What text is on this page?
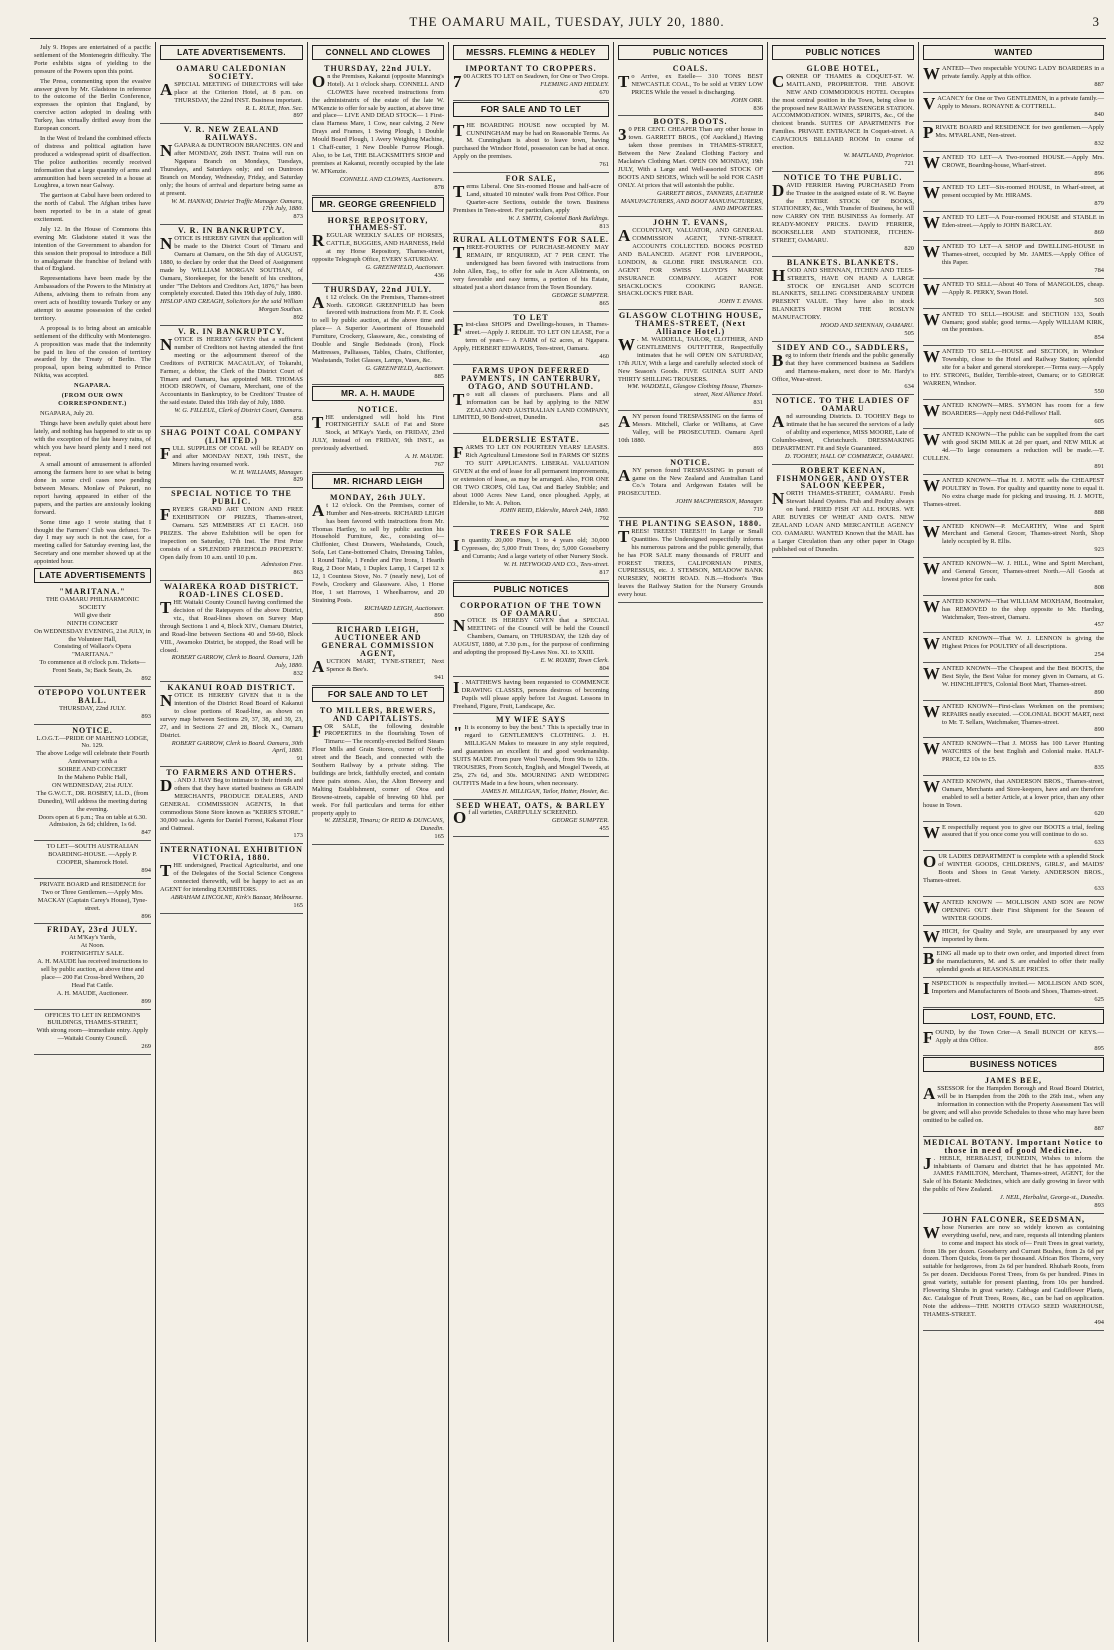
THE OAMARU MAIL, TUESDAY, JULY 20, 1880.	3

July 9. Hopes are entertained of a pacific settlement of the Montenegrin difficulty. The Porte exhibits signs of yielding to the pressure of the Powers upon this point.

The Press, commenting upon the evasive answer given by Mr. Gladstone in reference to the outcome of the Berlin Conference, expresses the opinion that England, by coercive action adopted in dealing with Turkey, has virtually drifted away from the European concert.

In the West of Ireland the combined effects of distress and political agitation have produced a widespread spirit of disaffection. The police authorities recently received information that a large quantity of arms and ammunition had been secreted in a house at Loughrea, a town near Galway.

The garrison at Cabul have been ordered to the north of Cabul. The Afghan tribes have been reported to be in a state of great excitement.

July 12. In the House of Commons this evening Mr. Gladstone stated it was the intention of the Government to abandon for this session their proposal to introduce a Bill to amalgamate the franchise of Ireland with that of England.

Representations have been made by the Ambassadors of the Powers to the Ministry at Athens, advising them to refrain from any overt acts of hostility towards Turkey or any attempt to assume possession of the ceded territory.

A proposal is to bring about an amicable settlement of the difficulty with Montenegro. A proposition was made that the indemnity be paid in lieu of the cession of territory awarded by the Treaty of Berlin. The proposal, upon being submitted to Prince Nikita, was accepted.

NGAPARA.

(FROM OUR OWN CORRESPONDENT.)

NGAPARA, July 20.

Things have been awfully quiet about here lately, and nothing has happened to stir us up with the exception of the late heavy rains, of which you have heard plenty and I need not repeat.

A small amount of amusement is afforded among the farmers here to see what is being done in some civil cases now pending between Messrs. Monlaw of Pukeuri, no report having appeared in either of the papers, and the parties are anxiously looking forward.

Some time ago I wrote stating that I thought the Farmers' Club was defunct. To-day I may say such is not the case, for a meeting called for Saturday evening last, the Secretary and one member showed up at the appointed hour.

LATE ADVERTISEMENTS

"MARITANA."

THE OAMARU PHILHARMONIC SOCIETY

Will give their

NINTH CONCERT

On WEDNESDAY EVENING, 21st JULY, in the Volunteer Hall,

Consisting of Wallace's Opera "MARITANA."

To commence at 8 o'clock p.m. Tickets—Front Seats, 3s; Back Seats, 2s.

892

OTEPOPO VOLUNTEER BALL.

THURSDAY, 22nd JULY.

893

NOTICE.

L.O.G.T.—PRIDE OF MAHENO LODGE, No. 129.

The above Lodge will celebrate their Fourth Anniversary with a

SOIREE AND CONCERT

In the Maheno Public Hall,

ON WEDNESDAY, 21st JULY.

The G.W.C.T., DR. ROSBEY, LL.D., (from Dunedin), Will address the meeting during the evening.

Doors open at 6 p.m.; Tea on table at 6.30. Admission, 2s 6d; children, 1s 6d.

847

TO LET—SOUTH AUSTRALIAN BOARDING-HOUSE. —Apply P. COOPER, Shamrock Hotel.

894

PRIVATE BOARD and RESIDENCE for Two or Three Gentlemen.—Apply Mrs. MACKAY (Captain Carey's House), Tyne-street.

896

FRIDAY, 23rd JULY.

At M'Kay's Yards,

At Noon.

FORTNIGHTLY SALE.

A. H. MAUDE has received instructions to sell by public auction, at above time and place— 200 Fat Cross-bred Wethers, 20 Head Fat Cattle.

A. H. MAUDE, Auctioneer.

899

OFFICES TO LET IN REDMOND'S BUILDINGS, THAMES-STREET,

With strong room—immediate entry. Apply—Waitaki County Council.

269

LATE ADVERTISEMENTS.

OAMARU CALEDONIAN SOCIETY.

A SPECIAL MEETING of DIRECTORS will take place at the Criterion Hotel, at 8 p.m. on THURSDAY, the 22nd INST. Business important.

R. L. RULE, Hon. Sec.

897

V. R. NEW ZEALAND RAILWAYS.

NGAPARA & DUNTROON BRANCHES. ON and after MONDAY, 26th INST. Trains will run on Ngapara Branch on Mondays, Tuesdays, Thursdays, and Saturdays only; and on Duntroon Branch on Monday, Wednesday, Friday, and Saturday only; the hours of arrival and departure being same as at present.

W. M. HANNAY, District Traffic Manager. Oamaru, 17th July, 1880.

873

V. R. IN BANKRUPTCY.

NOTICE IS HEREBY GIVEN that application will be made to the District Court of Timaru and Oamaru at Oamaru, on the 5th day of AUGUST, 1880, to declare by order that the Deed of Assignment made by WILLIAM MORGAN SOUTHAN, of Oamaru, Storekeeper, for the benefit of his creditors, under "The Debtors and Creditors Act, 1876," has been completely executed. Dated this 19th day of July, 1880.

HISLOP AND CREAGH, Solicitors for the said William Morgan Southan.

892

V. R. IN BANKRUPTCY.

NOTICE IS HEREBY GIVEN that a sufficient number of Creditors not having attended the first meeting or the adjournment thereof of the Creditors of PATRICK MACAULAY, of Tokarahi, Farmer, a debtor, the Clerk of the District Court of Timaru and Oamaru, has appointed MR. THOMAS HOOD BROWN, of Oamaru, Merchant, one of the Accountants in Bankruptcy, to be Creditors' Trustee of the said estate. Dated this 16th day of July, 1880.

W. G. FILLEUL, Clerk of District Court, Oamaru.

858

SHAG POINT COAL COMPANY (LIMITED.)

FULL SUPPLIES OF COAL will be READY on and after MONDAY NEXT, 19th INST., the Miners having resumed work.

W. H. WILLIAMS, Manager.

829

SPECIAL NOTICE TO THE PUBLIC.

FRYER'S GRAND ART UNION AND FREE EXHIBITION OF PRIZES, Thames-street, Oamaru. 525 MEMBERS AT £1 EACH. 160 PRIZES. The above Exhibition will be open for inspection on Saturday, 17th Inst. The First Prize consists of a SPLENDID FREEHOLD PROPERTY. Open daily from 10 a.m. until 10 p.m.

Admission Free.

863

WAIAREKA ROAD DISTRICT. ROAD-LINES CLOSED.

THE Waitaki County Council having confirmed the decision of the Ratepayers of the above District, viz., that Road-lines shown on Survey Map through Sections 1 and 4, Block XIV., Oamaru District, and Road-line between Sections 40 and 59-60, Block VIII., Awamoko District, be stopped, the Road will be closed.

ROBERT GARROW, Clerk to Board. Oamaru, 12th July, 1880.

832

KAKANUI ROAD DISTRICT.

NOTICE IS HEREBY GIVEN that it is the intention of the District Road Board of Kakanui to close portions of Road-line, as shown on survey map between Sections 29, 37, 38, and 39, 23, 27, and in Sections 27 and 28, Block X., Oamaru District.

ROBERT GARROW, Clerk to Board. Oamaru, 30th April, 1880.

91

TO FARMERS AND OTHERS.

D . AND J. HAY Beg to intimate to their friends and others that they have started business as GRAIN MERCHANTS, PRODUCE DEALERS, AND GENERAL COMMISSION AGENTS, In that commodious Stone Store known as "KERR'S STORE." 30,000 sacks. Agents for Daniel Forrest, Kakanui Flour and Oatmeal.

173

INTERNATIONAL EXHIBITION VICTORIA, 1880.

THE undersigned, Practical Agriculturist, and one of the Delegates of the Social Science Congress connected therewith, will be happy to act as an AGENT for intending EXHIBITORS.

ABRAHAM LINCOLNE, Kirk's Bazaar, Melbourne.

165

CONNELL AND CLOWES

THURSDAY, 22nd JULY.

On the Premises, Kakanui (opposite Manning's Hotel). At 1 o'clock sharp. CONNELL AND CLOWES have received instructions from the administratrix of the estate of the late W. M'Kenzie to offer for sale by auction, at above time and place— LIVE AND DEAD STOCK— 1 First-class Harness Mare, 1 Cow, near calving, 2 New Drays and Frames, 1 Swing Plough, 1 Double Mould Board Plough, 1 Avery Weighing Machine, 1 Chaff-cutter, 1 New Double Furrow Plough. Also, to be Let, THE BLACKSMITH'S SHOP and premises at Kakanui, recently occupied by the late W. M'Kenzie.

CONNELL AND CLOWES, Auctioneers.

878

MR. GEORGE GREENFIELD

HORSE REPOSITORY, THAMES-ST.

REGULAR WEEKLY SALES OF HORSES, CATTLE, BUGGIES, AND HARNESS, Held at my Horse Repository, Thames-street, opposite Telegraph Office, EVERY SATURDAY.

G. GREENFIELD, Auctioneer.

436

THURSDAY, 22nd JULY.

At 12 o'clock. On the Premises, Thames-street North. GEORGE GREENFIELD has been favored with instructions from Mr. F. E. Cook to sell by public auction, at the above time and place— A Superior Assortment of Household Furniture, Crockery, Glassware, &c., consisting of Double and Single Bedsteads (iron), Flock Mattresses, Palliasses, Tables, Chairs, Chiffonier, Washstands, Toilet Glasses, Lamps, Vases, &c.

G. GREENFIELD, Auctioneer.

885

MR. A. H. MAUDE

NOTICE.

THE undersigned will hold his First FORTNIGHTLY SALE of Fat and Store Stock, at M'Kay's Yards, on FRIDAY, 23rd JULY, instead of on FRIDAY, 9th INST., as previously advertised.

A. H. MAUDE.

767

MR. RICHARD LEIGH

MONDAY, 26th JULY.

At 12 o'clock. On the Premises, corner of Humber and Nen-streets. RICHARD LEIGH has been favored with instructions from Mr. Thomas Hartley, to sell by public auction his Household Furniture, &c., consisting of— Chiffonier, Chest Drawers, Washstands, Couch, Sofa, Let Cane-bottomed Chairs, Dressing Tables, 1 Round Table, 1 Fender and Fire Irons, 1 Hearth Rug, 2 Door Mats, 1 Duplex Lamp, 1 Carpet 12 x 12, 1 Countess Stove, No. 7 (nearly new), Lot of Fowls, Crockery and Glassware. Also, 1 Horse Hoe, 1 set Harrows, 1 Wheelbarrow, and 20 Straining Posts.

RICHARD LEIGH, Auctioneer.

890

RICHARD LEIGH, AUCTIONEER AND GENERAL COMMISSION AGENT,

AUCTION MART, TYNE-STREET, Next Spence & Bee's.

941

FOR SALE AND TO LET

TO MILLERS, BREWERS, AND CAPITALISTS.

FOR SALE, the following desirable PROPERTIES in the flourishing Town of Timaru:— The recently-erected Belford Steam Flour Mills and Grain Stores, corner of North-street and the Beach, and connected with the Southern Railway by a private siding. The buildings are brick, faithfully erected, and contain three pairs stones. Also, the Alton Brewery and Malting Establishment, corner of Otoa and Browne-streets, capable of brewing 60 hhd. per week. For full particulars and terms for either property apply to

W. ZIESLER, Timaru; Or REID & DUNCANS, Dunedin.

165

MESSRS. FLEMING & HEDLEY

IMPORTANT TO CROPPERS.

7 00 ACRES TO LET on Seadown, for One or Two Crops.

FLEMING AND HEDLEY.

670

FOR SALE AND TO LET

THE BOARDING HOUSE now occupied by M. CUNNINGHAM may be had on Reasonable Terms. As M. Cunningham is about to leave town, having purchased the Windsor Hotel, possession can be had at once. Apply on the premises.

761

FOR SALE,

Terms Liberal. One Six-roomed House and half-acre of Land, situated 10 minutes' walk from Post Office. Four Quarter-acre Sections, outside the town. Business Premises in Tees-street. For particulars, apply

W. J. SMITH, Colonial Bank Buildings.

813

RURAL ALLOTMENTS FOR SALE.

THREE-FOURTHS OF PURCHASE-MONEY MAY REMAIN, IF REQUIRED, AT 7 PER CENT. The undersigned has been favored with instructions from John Allen, Esq., to offer for sale in Acre Allotments, on very favorable and easy terms, a portion of his Estate, situated just a short distance from the Town Boundary.

GEORGE SUMPTER.

865

TO LET

First-class SHOPS and Dwellings-houses, in Thames-street.—Apply J. REDLIE. TO LET ON LEASE, For a term of years— A FARM of 62 acres, at Ngapara. Apply, HERBERT EDWARDS, Tees-street, Oamaru.

460

FARMS UPON DEFERRED PAYMENTS, IN CANTERBURY, OTAGO, AND SOUTHLAND.

To suit all classes of purchasers. Plans and all information can be had by applying to the NEW ZEALAND AND AUSTRALIAN LAND COMPANY, LIMITED, 90 Bond-street, Dunedin.

845

ELDERSLIE ESTATE.

FARMS TO LET ON FOURTEEN YEARS' LEASES. Rich Agricultural Limestone Soil in FARMS OF SIZES TO SUIT APPLICANTS. LIBERAL VALUATION GIVEN at the end of lease for all permanent improvements, or extension of lease, as may be arranged. Also, FOR ONE OR TWO CROPS, Old Lea, Oat and Barley Stubble; and about 1000 Acres New Land, once ploughed. Apply, at Elderslie, to Mr. A. Pelton.

JOHN REID, Elderslie, March 24th, 1880.

792

TREES FOR SALE

In quantity. 20,000 Pines, 1 to 4 years old; 30,000 Cypresses, do; 5,000 Fruit Trees, do; 5,000 Gooseberry and Currants; And a large variety of other Nursery Stock.

W. H. HEYWOOD AND CO., Tees-street.

817

PUBLIC NOTICES

CORPORATION OF THE TOWN OF OAMARU.

NOTICE IS HEREBY GIVEN that a SPECIAL MEETING of the Council will be held the Council Chambers, Oamaru, on THURSDAY, the 12th day of AUGUST, 1880, at 7.30 p.m., for the purpose of confirming and adopting the proposed By-Laws Nos. XI. to XXIII.

E. W. ROXBY, Town Clerk.

804

I . MATTHEWS having been requested to COMMENCE DRAWING CLASSES, persons desirous of becoming Pupils will please apply before 1st August. Lessons in Freehand, Figure, Fruit, Landscape, &c.

MY WIFE SAYS

" It is economy to buy the best." This is specially true in regard to GENTLEMEN'S CLOTHING. J. H. MILLIGAN Makes to measure in any style required, and guarantees an excellent fit and good workmanship. SUITS MADE From pure Wool Tweeds, from 90s to 120s. TROUSERS, From Scotch, English, and Mosgiel Tweeds, at 25s, 27s 6d, and 30s. MOURNING AND WEDDING OUTFITS Made in a few hours, when necessary.

JAMES H. MILLIGAN, Tailor, Hatter, Hosier, &c.

SEED WHEAT, OATS, & BARLEY

Of all varieties, CAREFULLY SCREENED.

GEORGE SUMPTER.

455

PUBLIC NOTICES

COALS.

To Arrive, ex Estelle— 310 TONS BEST NEWCASTLE COAL, To be sold at VERY LOW PRICES While the vessel is discharging.

JOHN ORR.

836

BOOTS. BOOTS.

3 0 PER CENT. CHEAPER Than any other house in town. GARRETT BROS., (Of Auckland,) Having taken those premises in THAMES-STREET, Between the New Zealand Clothing Factory and Maclaine's Clothing Mart. OPEN ON MONDAY, 19th JULY, With a Large and Well-assorted STOCK OF BOOTS AND SHOES, Which will be sold FOR CASH ONLY. At prices that will astonish the public.

GARRETT BROS., TANNERS, LEATHER MANUFACTURERS, AND BOOT MANUFACTURERS, AND IMPORTERS.

JOHN T. EVANS,

ACCOUNTANT, VALUATOR, AND GENERAL COMMISSION AGENT, TYNE-STREET. ACCOUNTS COLLECTED. BOOKS POSTED AND BALANCED. AGENT FOR LIVERPOOL, LONDON, & GLOBE FIRE INSURANCE CO. AGENT FOR SWISS LLOYD'S MARINE INSURANCE COMPANY. AGENT FOR SHACKLOCK'S COOKING RANGE. SHACKLOCK'S FIRE BAR.

JOHN T. EVANS.

GLASGOW CLOTHING HOUSE, THAMES-STREET, (Next Alliance Hotel.)

W . M. WADDELL, TAILOR, CLOTHIER, AND GENTLEMEN'S OUTFITTER, Respectfully intimates that he will OPEN ON SATURDAY, 17th JULY, With a large and carefully selected stock of New Season's Goods. FIVE GUINEA SUIT AND THIRTY SHILLING TROUSERS.

WM. WADDELL, Glasgow Clothing House, Thames-street, Next Alliance Hotel.

831

ANY person found TRESPASSING on the farms of Messrs. Mitchell, Clarke or Williams, at Cave Valley, will be PROSECUTED. Oamaru April 10th 1880.

893

NOTICE.

ANY person found TRESPASSING in pursuit of game on the New Zealand and Australian Land Co.'s Totara and Ardgowan Estates will be PROSECUTED.

JOHN MACPHERSON, Manager.

719

THE PLANTING SEASON, 1880.

TREES! TREES!! TREES!!! In Large or Small Quantities. The Undersigned respectfully informs his numerous patrons and the public generally, that he has FOR SALE many thousands of FRUIT and FOREST TREES, CALIFORNIAN PINES, CUPRESSUS, etc. J. STEMSON, MEADOW BANK NURSERY, NORTH ROAD. N.B.—Hodson's 'Bus leaves the Railway Station for the Nursery Grounds every hour.

PUBLIC NOTICES

GLOBE HOTEL,

CORNER OF THAMES & COQUET-ST. W. MAITLAND, PROPRIETOR. THE ABOVE NEW AND COMMODIOUS HOTEL Occupies the most central position in the Town, being close to the proposed new RAILWAY PASSENGER STATION. ACCOMMODATION. WINES, SPIRITS, &c., Of the choicest brands. SUITES OF APARTMENTS For Families. PRIVATE ENTRANCE In Coquet-street. A CAPACIOUS BILLIARD ROOM In course of erection.

W. MAITLAND, Proprietor.

721

NOTICE TO THE PUBLIC.

DAVID FERRIER Having PURCHASED From the Trustee in the assigned estate of R. W. Bayne the ENTIRE STOCK OF BOOKS, STATIONERY, &c., With Transfer of Business, he will now CARRY ON THE BUSINESS As formerly. AT READY-MONEY PRICES. DAVID FERRIER, BOOKSELLER AND STATIONER, ITCHEN-STREET, OAMARU.

820

BLANKETS. BLANKETS.

HOOD AND SHENNAN, ITCHEN AND TEES-STREETS, HAVE ON HAND A LARGE STOCK OF ENGLISH AND SCOTCH BLANKETS, SELLING CONSIDERABLY UNDER PRESENT VALUE. They have also in stock BLANKETS FROM THE ROSLYN MANUFACTORY.

HOOD AND SHENNAN, OAMARU.

505

SIDEY AND CO., SADDLERS,

Beg to inform their friends and the public generally that they have commenced business as Saddlers and Harness-makers, next door to Mr. Hardy's Office, Wear-street.

634

NOTICE. TO THE LADIES OF OAMARU

And surrounding Districts. D. TOOHEY Begs to intimate that he has secured the services of a lady of ability and experience, MISS MOORE, Late of Columbo-street, Christchurch. DRESSMAKING DEPARTMENT. Fit and Style Guaranteed.

D. TOOHEY, HALL OF COMMERCE, OAMARU.

ROBERT KEENAN, FISHMONGER, AND OYSTER SALOON KEEPER,

NORTH THAMES-STREET, OAMARU. Fresh Stewart Island Oysters. Fish and Poultry always on hand. FRIED FISH AT ALL HOURS. WE ARE BUYERS OF WHEAT AND OATS. NEW ZEALAND LOAN AND MERCANTILE AGENCY CO. OAMARU. WANTED Known that the MAIL has a Larger Circulation than any other paper in Otago published out of Dunedin.

WANTED

WANTED—Two respectable YOUNG LADY BOARDERS in a private family. Apply at this office.

887

VACANCY for One or Two GENTLEMEN, in a private family.—Apply to Messrs. RONAYNE & COTTRELL.

840

PRIVATE BOARD and RESIDENCE for two gentlemen.—Apply Mrs. M'FARLANE, Nen-street.

832

WANTED TO LET—A Two-roomed HOUSE.—Apply Mrs. CROWE, Boarding-house, Wharf-street.

896

WANTED TO LET—Six-roomed HOUSE, in Wharf-street, at present occupied by Mr. HIRAMS.

879

WANTED TO LET—A Four-roomed HOUSE and STABLE in Eden-street.—Apply to JOHN BARCLAY.

869

WANTED TO LET—A SHOP and DWELLING-HOUSE in Thames-street, occupied by Mr. JAMES.—Apply Office of this Paper.

784

WANTED TO SELL—About 40 Tons of MANGOLDS, cheap.—Apply R. PERKY, Swan Hotel.

503

WANTED TO SELL—HOUSE and SECTION 133, South Oamaru; good stable; good terms.—Apply WILLIAM KIRK, on the premises.

854

WANTED TO SELL—HOUSE and SECTION, in Windsor Township, close to the Hotel and Railway Station; splendid site for a baker and general storekeeper.—Terms easy.—Apply to HY. STRONG, Builder, Terrible-street, Oamaru; or to GEORGE WARREN, Windsor.

550

WANTED KNOWN—MRS. SYMON has room for a few BOARDERS—Apply next Odd-Fellows' Hall.

605

WANTED KNOWN—The public can be supplied from the cart with good SKIM MILK at 2d per quart, and NEW MILK at 4d.—To large consumers a reduction will be made.—T. CULLEN.

891

WANTED KNOWN—That H. J. MOTE sells the CHEAPEST POULTRY in Town. For quality and quantity none to equal it. No extra charge made for picking and trussing. H. J. MOTE, Thames-street.

888

WANTED KNOWN—P. McCARTHY, Wine and Spirit Merchant and General Grocer, Thames-street North, Shop lately occupied by R. Ellis.

923

WANTED KNOWN—W. J. HILL, Wine and Spirit Merchant, and General Grocer, Thames-street North.—All Goods at lowest price for cash.

808

WANTED KNOWN—That WILLIAM MOXHAM, Bootmaker, has REMOVED to the shop opposite to Mr. Harding, Watchmaker, Tees-street, Oamaru.

457

WANTED KNOWN—That W. J. LENNON is giving the Highest Prices for POULTRY of all descriptions.

254

WANTED KNOWN—The Cheapest and the Best BOOTS, the Best Style, the Best Value for money given in Oamaru, at G. W. HINCHLIFFE'S, Colonial Boot Mart, Thames-street.

890

WANTED KNOWN—First-class Workmen on the premises; REPAIRS neatly executed. —COLONIAL BOOT MART, next to Mr. T. Sellars, Watchmaker, Thames-street.

890

WANTED KNOWN—That J. MOSS has 100 Lever Hunting WATCHES of the best English and Colonial make. HALF-PRICE, £2 10s to £5.

835

WANTED KNOWN, that ANDERSON BROS., Thames-street, Oamaru, Merchants and Store-keepers, have and are therefore enabled to sell a better Article, at a lower price, than any other house in Town.

620

W E respectfully request you to give our BOOTS a trial, feeling assured that if you once come you will continue to do so.

633

OUR LADIES DEPARTMENT is complete with a splendid Stock of WINTER GOODS, CHILDREN'S, GIRLS', and MAIDS' Boots and Shoes in Great Variety. ANDERSON BROS., Thames-street.

633

WANTED KNOWN — MOLLISON AND SON are NOW OPENING OUT their First Shipment for the Season of WINTER GOODS.

WHICH, for Quality and Style, are unsurpassed by any ever imported by them.

BEING all made up to their own order, and imported direct from the manufacturers, M. and S. are enabled to offer their really splendid goods at REASONABLE PRICES.

INSPECTION is respectfully invited.— MOLLISON AND SON, Importers and Manufacturers of Boots and Shoes, Thames-street.

625

LOST, FOUND, ETC.

FOUND, by the Town Crier—A Small BUNCH OF KEYS.—Apply at this Office.

895

BUSINESS NOTICES

JAMES BEE,

ASSESSOR for the Hampden Borough and Road Board District, will be in Hampden from the 20th to the 26th inst., when any information in connection with the Property Assessment Tax will be given; and will also provide Schedules to those who may have been omitted to be called on.

887

MEDICAL BOTANY. Important Notice to those in need of good Medicine.

J . HEBLE, HERBALIST, DUNEDIN, Wishes to inform the inhabitants of Oamaru and district that he has appointed Mr. JAMES FAMILTON, Merchant, Thames-street, AGENT, for the Sale of his Botanic Medicines, which are daily growing in favor with the public of New Zealand.

J. NEIL, Herbalist, George-st., Dunedin.

893

JOHN FALCONER, SEEDSMAN,

Whose Nurseries are now so widely known as containing everything useful, new, and rare, requests all intending planters to come and inspect his stock of— Fruit Trees in great variety, from 18s per dozen. Gooseberry and Currant Bushes, from 2s 6d per dozen. Thorn Quicks, from 6s per thousand. African Box Thorns, very suitable for hedgerows, from 2s 6d per hundred. Rhubarb Roots, from 5s per dozen. Deciduous Forest Trees, from 6s per hundred. Pines in great variety, suitable for present planting, from 10s per hundred. Flowering Shrubs in great variety. Cabbage and Cauliflower Plants, &c. Catalogue of Fruit Trees, Roses, &c., can be had on application. Note the address—THE NORTH OTAGO SEED WAREHOUSE, THAMES-STREET.

494
